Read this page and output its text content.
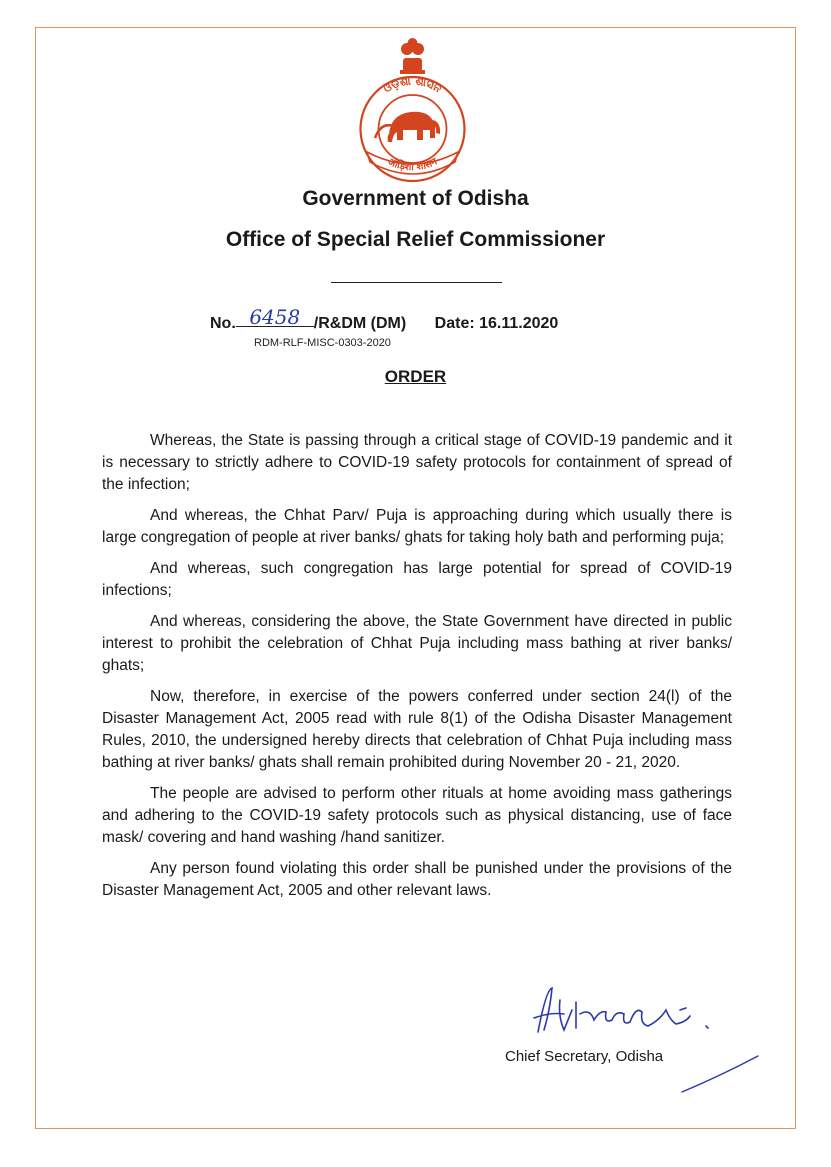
ଓଡ଼ିଶା ଶାସନ
ओड़िशा शासन
Government of Odisha
Office of Special Relief Commissioner
No. 6458 /R&DM (DM) Date: 16.11.2020
RDM-RLF-MISC-0303-2020
ORDER

Whereas, the State is passing through a critical stage of COVID-19 pandemic and it is necessary to strictly adhere to COVID-19 safety protocols for containment of spread of the infection;

And whereas, the Chhat Parv/ Puja is approaching during which usually there is large congregation of people at river banks/ ghats for taking holy bath and performing puja;

And whereas, such congregation has large potential for spread of COVID-19 infections;

And whereas, considering the above, the State Government have directed in public interest to prohibit the celebration of Chhat Puja including mass bathing at river banks/ ghats;

Now, therefore, in exercise of the powers conferred under section 24(l) of the Disaster Management Act, 2005 read with rule 8(1) of the Odisha Disaster Management Rules, 2010, the undersigned hereby directs that celebration of Chhat Puja including mass bathing at river banks/ ghats shall remain prohibited during November 20 - 21, 2020.

The people are advised to perform other rituals at home avoiding mass gatherings and adhering to the COVID-19 safety protocols such as physical distancing, use of face mask/ covering and hand washing /hand sanitizer.

Any person found violating this order shall be punished under the provisions of the Disaster Management Act, 2005 and other relevant laws.

Chief Secretary, Odisha
